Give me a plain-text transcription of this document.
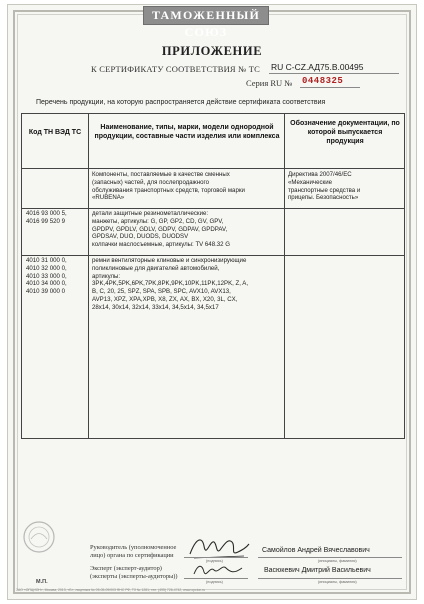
ТАМОЖЕННЫЙ СОЮЗ
ПРИЛОЖЕНИЕ
К СЕРТИФИКАТУ СООТВЕТСТВИЯ № ТС RU C-CZ.АД75.B.00495
Серия RU № 0448325
Перечень продукции, на которую распространяется действие сертификата соответствия
Код ТН ВЭД ТС
Наименование, типы, марки, модели однородной продукции, составные части изделия или комплекса
Обозначение документации, по которой выпускается продукция
Компоненты, поставляемые в качестве сменных
(запасных) частей, для послепродажного
обслуживания транспортных средств, торговой марки
«RUBENA»
Директива 2007/46/ЕС
«Механические
транспортные средства и
прицепы. Безопасность»
4016 93 000 5,
4016 99 520 9
детали защитные резинометаллические:
манжеты, артикулы: G, GP, GP2, CD, GV, GPV,
GPDPV, GPDLV, GDLV, GDPV, GDPAV, GPDPAV,
GPDSAV, DUO, DUODS, DUODSV
колпачки маслосъемные, артикулы: TV 648.32 G
4010 31 000 0,
4010 32 000 0,
4010 33 000 0,
4010 34 000 0,
4010 39 000 0
ремни вентиляторные клиновые и синхронизирующие
поликлиновые для двигателей автомобилей,
артикулы:
3PK,4PK,5PK,6PK,7PK,8PK,9PK,10PK,11PK,12PK, Z, A,
B, C, 20, 25, SPZ, SPA, SPB, SPC, AVX10, AVX13,
AVP13, XPZ, XPA,XPB, X8, ZX, AX, BX, X20, 3L, CX,
28x14, 30x14, 32x14, 33x14, 34,5x14, 34,5x17
M.П.
Руководитель (уполномоченное
лицо) органа по сертификации
(подпись)
Самойлов Андрей Вячеславович
(инициалы, фамилия)
Эксперт (эксперт-аудитор)
(эксперты (эксперты-аудиторы))
(подпись)
Васюкевич Дмитрий Васильевич
(инициалы, фамилия)
ЗАО «ОПЦИОН», Москва, 2013, «Б», лицензия № 05-05-09/003 ФНС РФ, ТЗ № 1281; тел. (495) 726-4742, www.opcion.ru
